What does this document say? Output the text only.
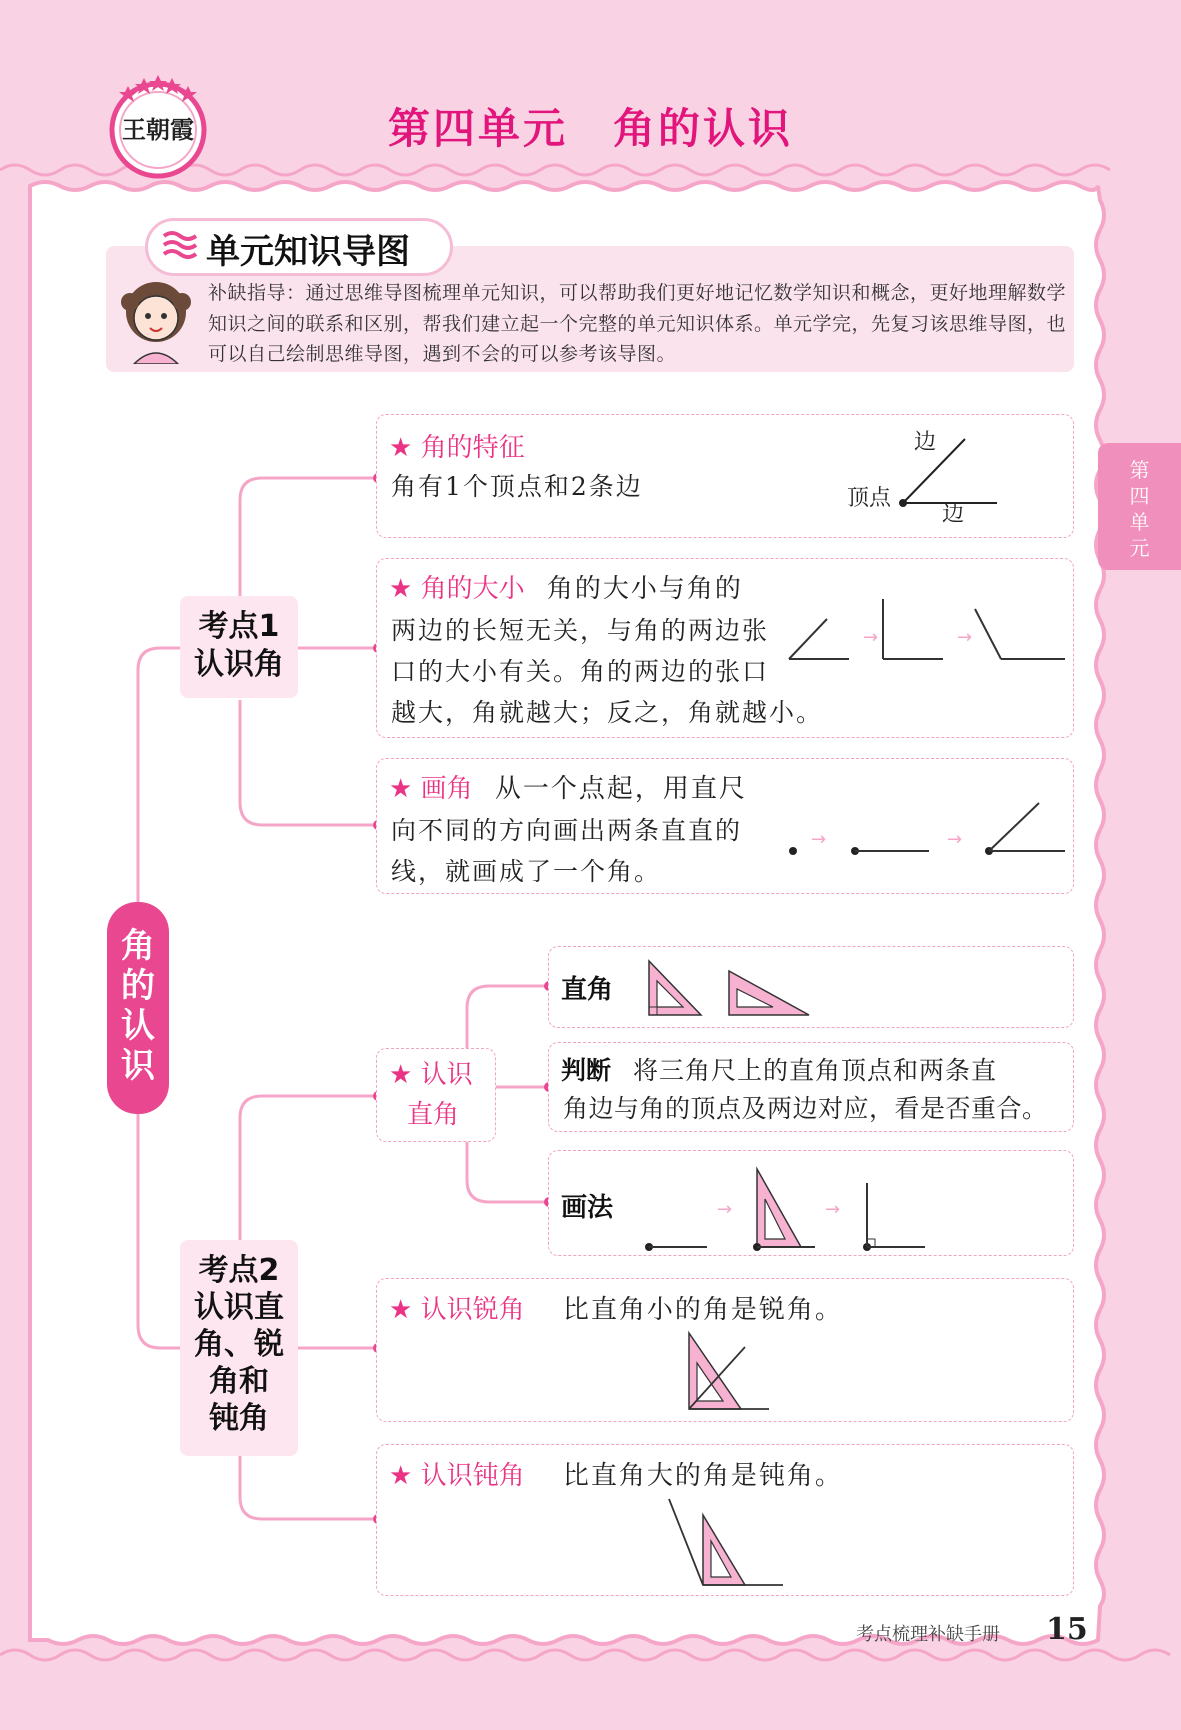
王朝霞	第四单元　角的认识
单元知识导图
补缺指导：通过思维导图梳理单元知识，可以帮助我们更好地记忆数学知识和概念，更好地理解数学知识之间的联系和区别，帮我们建立起一个完整的单元知识体系。单元学完，先复习该思维导图，也可以自己绘制思维导图，遇到不会的可以参考该导图。
第
四
单
元
角
的
认
识
考点1
认识角
考点2
认识直
角、锐
角和
钝角
★ 角的特征
角有1个顶点和2条边
边
顶点
边
★ 角的大小 角的大小与角的
两边的长短无关，与角的两边张
口的大小有关。角的两边的张口
越大，角就越大；反之，角就越小。
→	→
★ 画角 从一个点起，用直尺
向不同的方向画出两条直直的
线，就画成了一个角。
→	→
★ 认识
直角
直角
判断 将三角尺上的直角顶点和两条直
角边与角的顶点及两边对应，看是否重合。
画法	→	→
★ 认识锐角 比直角小的角是锐角。
★ 认识钝角 比直角大的角是钝角。
考点梳理补缺手册 15
